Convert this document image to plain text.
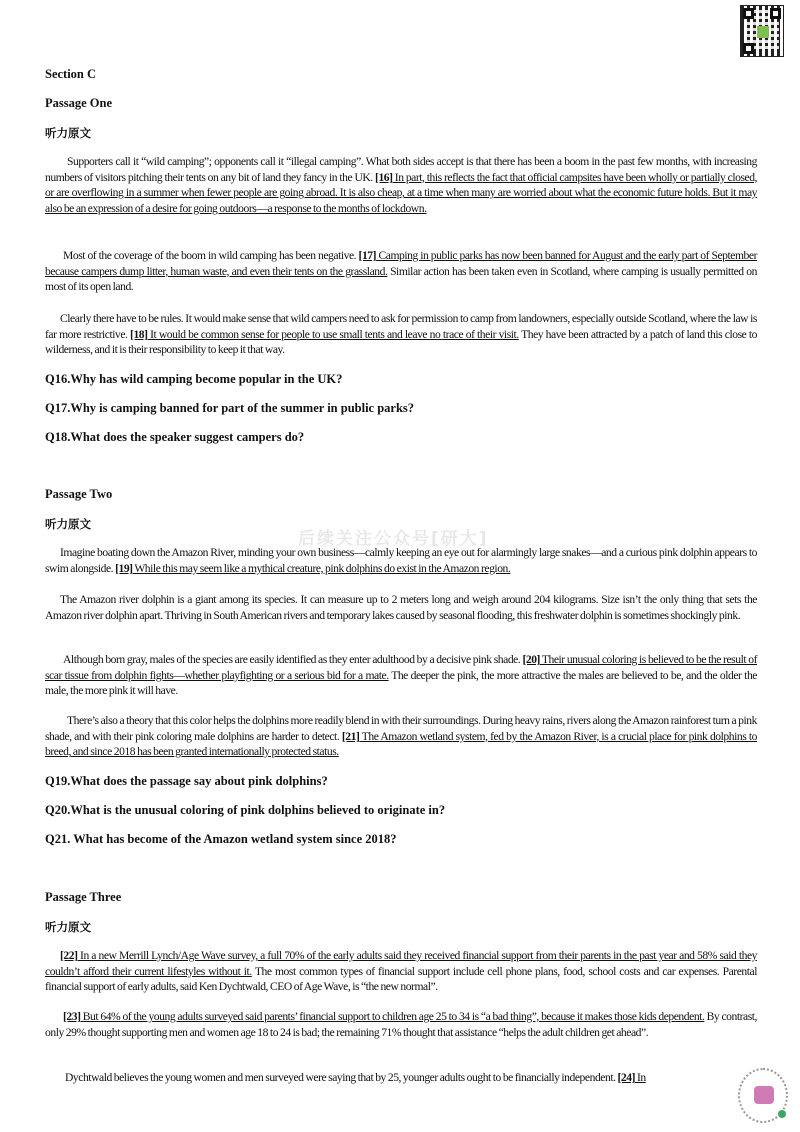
后续关注公众号[研大]
Section C
Passage One
听力原文
Supporters call it “wild camping”; opponents call it “illegal camping”. What both sides accept is that there has been a boom in the past few months, with increasing numbers of visitors pitching their tents on any bit of land they fancy in the UK. [16] In part, this reflects the fact that official campsites have been wholly or partially closed, or are overflowing in a summer when fewer people are going abroad. It is also cheap, at a time when many are worried about what the economic future holds. But it may also be an expression of a desire for going outdoors—a response to the months of lockdown.
Most of the coverage of the boom in wild camping has been negative. [17] Camping in public parks has now been banned for August and the early part of September because campers dump litter, human waste, and even their tents on the grassland. Similar action has been taken even in Scotland, where camping is usually permitted on most of its open land.
Clearly there have to be rules. It would make sense that wild campers need to ask for permission to camp from landowners, especially outside Scotland, where the law is far more restrictive. [18] It would be common sense for people to use small tents and leave no trace of their visit. They have been attracted by a patch of land this close to wilderness, and it is their responsibility to keep it that way.
Q16.Why has wild camping become popular in the UK?
Q17.Why is camping banned for part of the summer in public parks?
Q18.What does the speaker suggest campers do?
Passage Two
听力原文
Imagine boating down the Amazon River, minding your own business—calmly keeping an eye out for alarmingly large snakes—and a curious pink dolphin appears to swim alongside. [19] While this may seem like a mythical creature, pink dolphins do exist in the Amazon region.
The Amazon river dolphin is a giant among its species. It can measure up to 2 meters long and weigh around 204 kilograms. Size isn’t the only thing that sets the Amazon river dolphin apart. Thriving in South American rivers and temporary lakes caused by seasonal flooding, this freshwater dolphin is sometimes shockingly pink.
Although born gray, males of the species are easily identified as they enter adulthood by a decisive pink shade. [20] Their unusual coloring is believed to be the result of scar tissue from dolphin fights—whether playfighting or a serious bid for a mate. The deeper the pink, the more attractive the males are believed to be, and the older the male, the more pink it will have.
There’s also a theory that this color helps the dolphins more readily blend in with their surroundings. During heavy rains, rivers along the Amazon rainforest turn a pink shade, and with their pink coloring male dolphins are harder to detect. [21] The Amazon wetland system, fed by the Amazon River, is a crucial place for pink dolphins to breed, and since 2018 has been granted internationally protected status.
Q19.What does the passage say about pink dolphins?
Q20.What is the unusual coloring of pink dolphins believed to originate in?
Q21. What has become of the Amazon wetland system since 2018?
Passage Three
听力原文
[22] In a new Merrill Lynch/Age Wave survey, a full 70% of the early adults said they received financial support from their parents in the past year and 58% said they couldn’t afford their current lifestyles without it. The most common types of financial support include cell phone plans, food, school costs and car expenses. Parental financial support of early adults, said Ken Dychtwald, CEO of Age Wave, is “the new normal”.
[23] But 64% of the young adults surveyed said parents’ financial support to children age 25 to 34 is “a bad thing”, because it makes those kids dependent. By contrast, only 29% thought supporting men and women age 18 to 24 is bad; the remaining 71% thought that assistance “helps the adult children get ahead”.
Dychtwald believes the young women and men surveyed were saying that by 25, younger adults ought to be financially independent. [24] In
